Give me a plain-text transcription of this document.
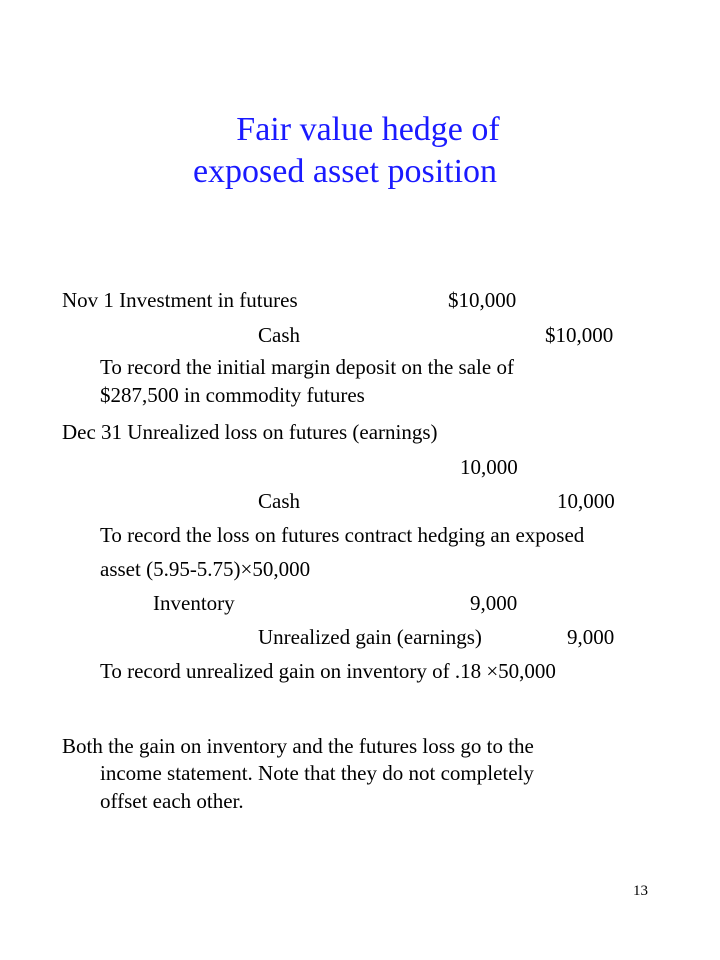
Fair value hedge of
exposed asset position
Nov 1 Investment in futures	$10,000
Cash	$10,000
To record the initial margin deposit on the sale of
$287,500 in commodity futures
Dec 31 Unrealized loss on futures (earnings)
10,000
Cash	10,000
To record the loss on futures contract hedging an exposed
asset (5.95-5.75)×50,000
Inventory	9,000
Unrealized gain (earnings)	9,000
To record unrealized gain on inventory of .18 ×50,000
Both the gain on inventory and the futures loss go to the
income statement. Note that they do not completely
offset each other.
13
